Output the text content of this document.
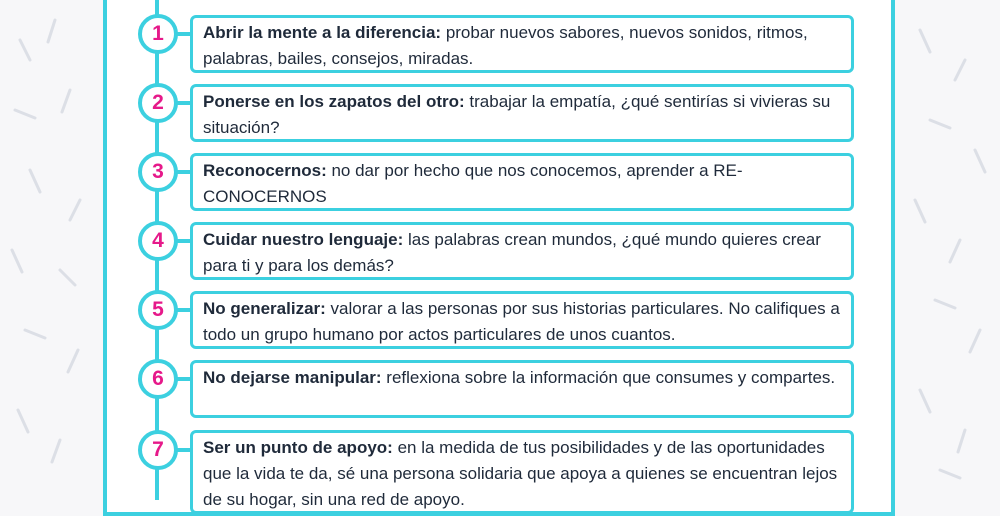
1	Abrir la mente a la diferencia: probar nuevos sabores, nuevos sonidos, ritmos, palabras, bailes, consejos, miradas.
2	Ponerse en los zapatos del otro: trabajar la empatía, ¿qué sentirías si vivieras su situación?
3	Reconocernos: no dar por hecho que nos conocemos, aprender a RE-CONOCERNOS
4	Cuidar nuestro lenguaje: las palabras crean mundos, ¿qué mundo quieres crear para ti y para los demás?
5	No generalizar: valorar a las personas por sus historias particulares. No califiques a todo un grupo humano por actos particulares de unos cuantos.
6	No dejarse manipular: reflexiona sobre la información que consumes y compartes.
7	Ser un punto de apoyo: en la medida de tus posibilidades y de las oportunidades que la vida te da, sé una persona solidaria que apoya a quienes se encuentran lejos de su hogar, sin una red de apoyo.
